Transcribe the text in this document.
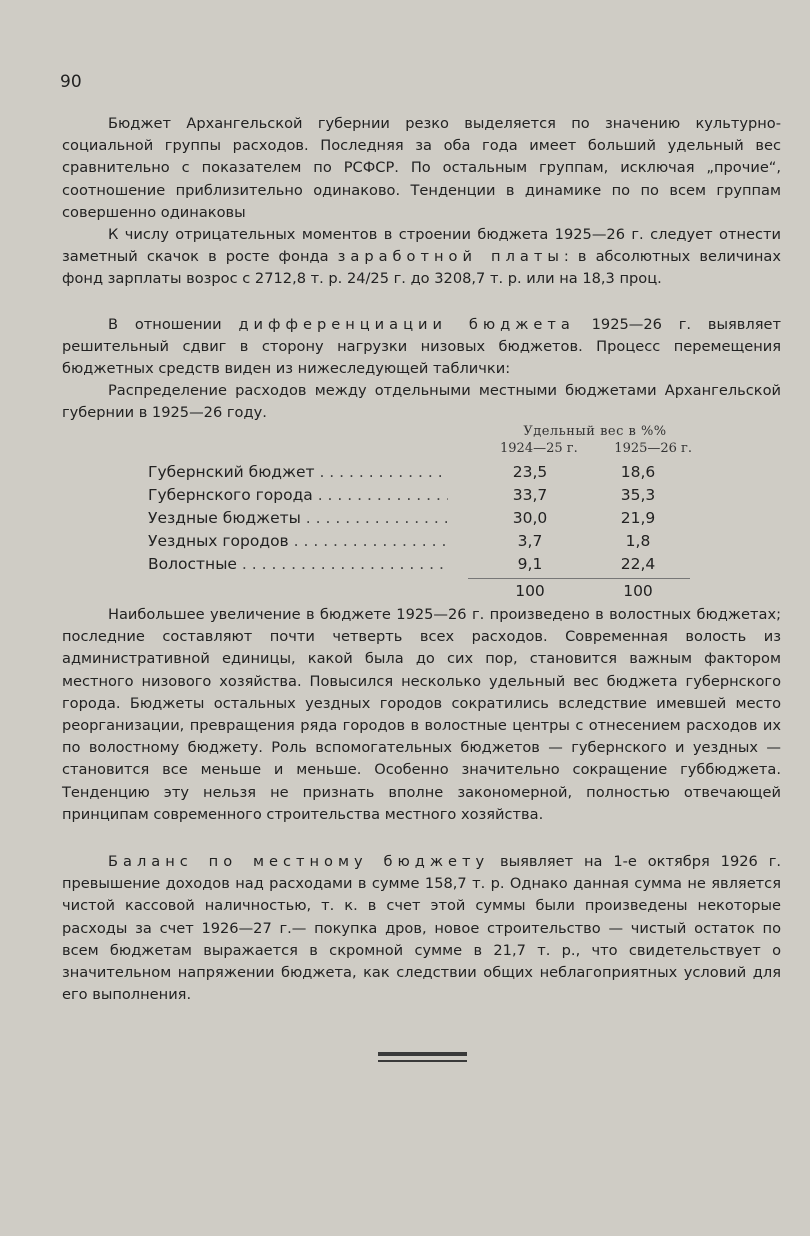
90

Бюджет Архангельской губернии резко выделяется по значению культурно-социальной группы расходов. Последняя за оба года имеет больший удельный вес сравнительно с показателем по РСФСР. По остальным группам, исключая „прочие“, соотношение приблизительно одинаково. Тенденции в динамике по по всем группам совершенно одинаковы

К числу отрицательных моментов в строении бюджета 1925—26 г. следует отнести заметный скачок в росте фонда заработной платы: в абсолютных величинах фонд зарплаты возрос с 2712,8 т. р. 24/25 г. до 3208,7 т. р. или на 18,3 проц.

В отношении дифференциации бюджета 1925—26 г. выявляет решительный сдвиг в сторону нагрузки низовых бюджетов. Процесс перемещения бюджетных средств виден из нижеследующей таблички:

Распределение расходов между отдельными местными бюджетами Архангельской губернии в 1925—26 году.

Удельный вес в %%
1924—25 г.	1925—26 г.
Губернский бюджет . . .	23,5	18,6
Губернского города . . .	33,7	35,3
Уездные бюджеты . . .	30,0	21,9
Уездных городов . . .	3,7	1,8
Волостные . . .	9,1	22,4
100	100

Наибольшее увеличение в бюджете 1925—26 г. произведено в волостных бюджетах; последние составляют почти четверть всех расходов. Современная волость из административной единицы, какой была до сих пор, становится важным фактором местного низового хозяйства. Повысился несколько удельный вес бюджета губернского города. Бюджеты остальных уездных городов сократились вследствие имевшей место реорганизации, превращения ряда городов в волостные центры с отнесением расходов их по волостному бюджету. Роль вспомогательных бюджетов — губернского и уездных — становится все меньше и меньше. Особенно значительно сокращение губбюджета. Тенденцию эту нельзя не признать вполне закономерной, полностью отвечающей принципам современного строительства местного хозяйства.

Баланс по местному бюджету выявляет на 1-е октября 1926 г. превышение доходов над расходами в сумме 158,7 т. р. Однако данная сумма не является чистой кассовой наличностью, т. к. в счет этой суммы были произведены некоторые расходы за счет 1926—27 г.— покупка дров, новое строительство — чистый остаток по всем бюджетам выражается в скромной сумме в 21,7 т. р., что свидетельствует о значительном напряжении бюджета, как следствии общих неблагоприятных условий для его выполнения.
